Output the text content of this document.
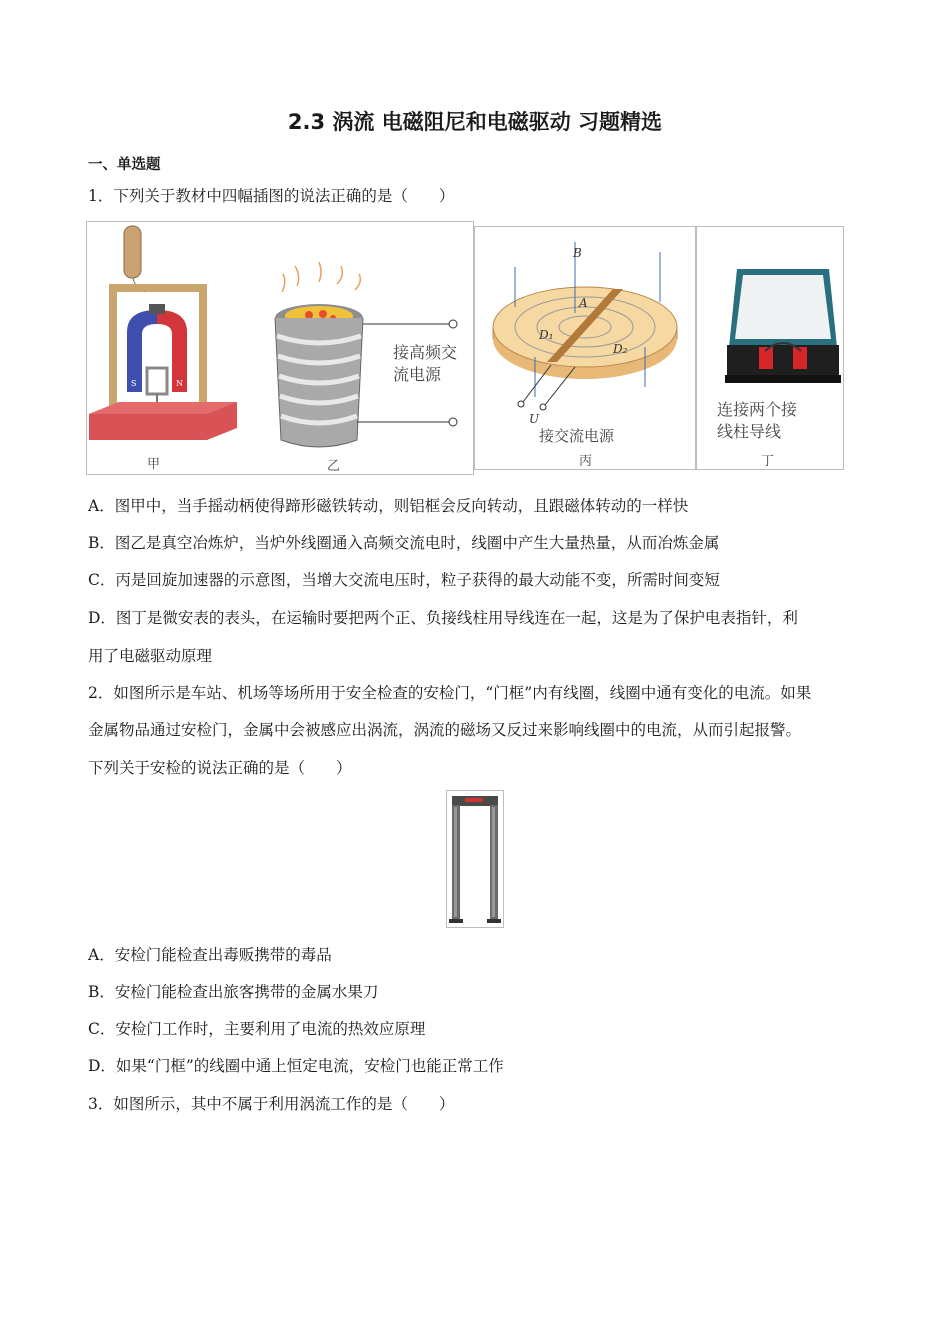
2.3 涡流 电磁阻尼和电磁驱动 习题精选
一、单选题
1．下列关于教材中四幅插图的说法正确的是（　　）
S	N
甲
接高频交
流电源
乙
B
A
D₁
D₂
U
接交流电源
丙
连接两个接
线柱导线
丁
A．图甲中，当手摇动柄使得蹄形磁铁转动，则铝框会反向转动，且跟磁体转动的一样快
B．图乙是真空冶炼炉，当炉外线圈通入高频交流电时，线圈中产生大量热量，从而冶炼金属
C．丙是回旋加速器的示意图，当增大交流电压时，粒子获得的最大动能不变，所需时间变短
D．图丁是微安表的表头，在运输时要把两个正、负接线柱用导线连在一起，这是为了保护电表指针，利
用了电磁驱动原理
2．如图所示是车站、机场等场所用于安全检查的安检门，“门框”内有线圈，线圈中通有变化的电流。如果
金属物品通过安检门，金属中会被感应出涡流，涡流的磁场又反过来影响线圈中的电流，从而引起报警。
下列关于安检的说法正确的是（　　）
A．安检门能检查出毒贩携带的毒品
B．安检门能检查出旅客携带的金属水果刀
C．安检门工作时，主要利用了电流的热效应原理
D．如果“门框”的线圈中通上恒定电流，安检门也能正常工作
3．如图所示，其中不属于利用涡流工作的是（　　）
